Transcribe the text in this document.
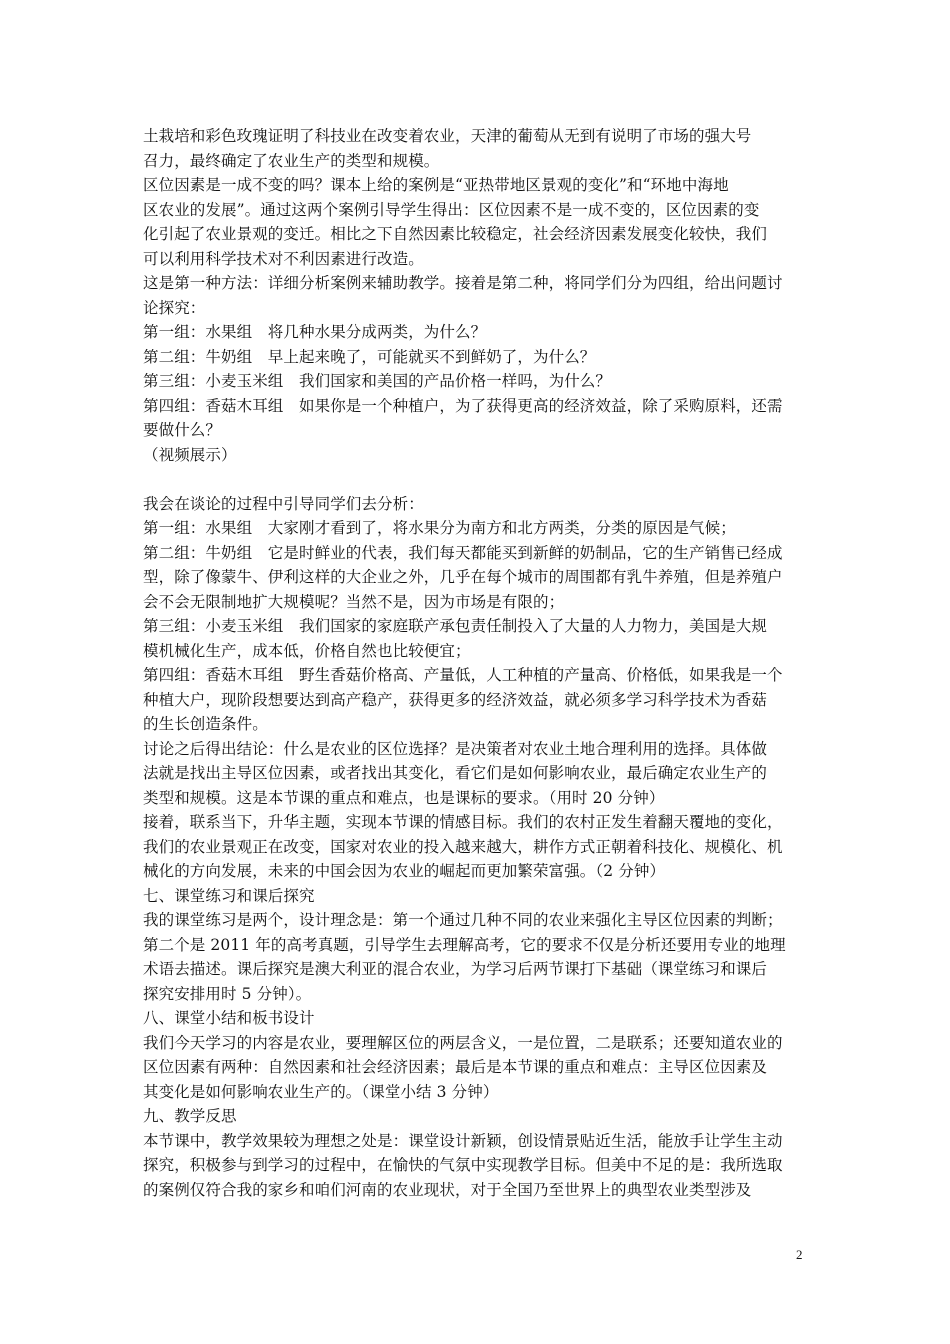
土栽培和彩色玫瑰证明了科技业在改变着农业，天津的葡萄从无到有说明了市场的强大号
召力，最终确定了农业生产的类型和规模。
区位因素是一成不变的吗？课本上给的案例是“亚热带地区景观的变化”和“环地中海地
区农业的发展”。通过这两个案例引导学生得出：区位因素不是一成不变的，区位因素的变
化引起了农业景观的变迁。相比之下自然因素比较稳定，社会经济因素发展变化较快，我们
可以利用科学技术对不利因素进行改造。
这是第一种方法：详细分析案例来辅助教学。接着是第二种，将同学们分为四组，给出问题讨
论探究：
第一组：水果组　将几种水果分成两类，为什么？
第二组：牛奶组　早上起来晚了，可能就买不到鲜奶了，为什么？
第三组：小麦玉米组　我们国家和美国的产品价格一样吗，为什么？
第四组：香菇木耳组　如果你是一个种植户，为了获得更高的经济效益，除了采购原料，还需
要做什么？
（视频展示）
我会在谈论的过程中引导同学们去分析：
第一组：水果组　大家刚才看到了，将水果分为南方和北方两类，分类的原因是气候；
第二组：牛奶组　它是时鲜业的代表，我们每天都能买到新鲜的奶制品，它的生产销售已经成
型，除了像蒙牛、伊利这样的大企业之外，几乎在每个城市的周围都有乳牛养殖，但是养殖户
会不会无限制地扩大规模呢？当然不是，因为市场是有限的；
第三组：小麦玉米组　我们国家的家庭联产承包责任制投入了大量的人力物力，美国是大规
模机械化生产，成本低，价格自然也比较便宜；
第四组：香菇木耳组　野生香菇价格高、产量低，人工种植的产量高、价格低，如果我是一个
种植大户，现阶段想要达到高产稳产，获得更多的经济效益，就必须多学习科学技术为香菇
的生长创造条件。
讨论之后得出结论：什么是农业的区位选择？是决策者对农业土地合理利用的选择。具体做
法就是找出主导区位因素，或者找出其变化，看它们是如何影响农业，最后确定农业生产的
类型和规模。这是本节课的重点和难点，也是课标的要求。（用时 20 分钟）
接着，联系当下，升华主题，实现本节课的情感目标。我们的农村正发生着翻天覆地的变化，
我们的农业景观正在改变，国家对农业的投入越来越大，耕作方式正朝着科技化、规模化、机
械化的方向发展，未来的中国会因为农业的崛起而更加繁荣富强。（2 分钟）
七、课堂练习和课后探究
我的课堂练习是两个，设计理念是：第一个通过几种不同的农业来强化主导区位因素的判断；
第二个是 2011 年的高考真题，引导学生去理解高考，它的要求不仅是分析还要用专业的地理
术语去描述。课后探究是澳大利亚的混合农业，为学习后两节课打下基础（课堂练习和课后
探究安排用时 5 分钟）。
八、课堂小结和板书设计
我们今天学习的内容是农业，要理解区位的两层含义，一是位置，二是联系；还要知道农业的
区位因素有两种：自然因素和社会经济因素；最后是本节课的重点和难点：主导区位因素及
其变化是如何影响农业生产的。（课堂小结 3 分钟）
九、教学反思
本节课中，教学效果较为理想之处是：课堂设计新颖，创设情景贴近生活，能放手让学生主动
探究，积极参与到学习的过程中，在愉快的气氛中实现教学目标。但美中不足的是：我所选取
的案例仅符合我的家乡和咱们河南的农业现状，对于全国乃至世界上的典型农业类型涉及
2
